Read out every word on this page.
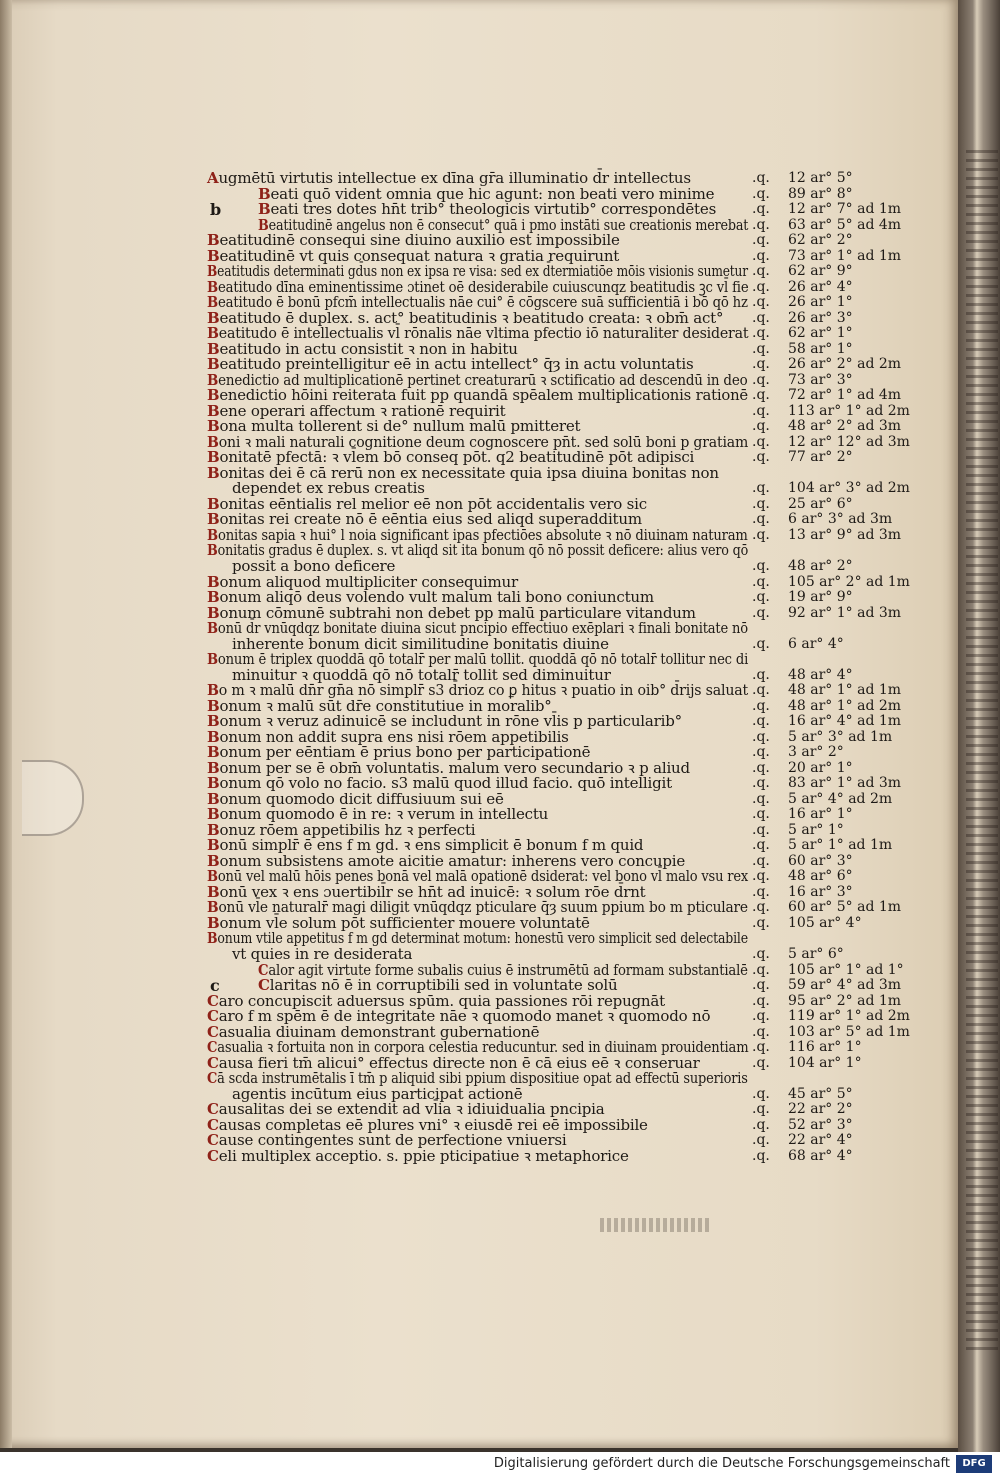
Augmētū virtutis intellectue ex dīna gr̄a illuminatio d̄r intellectus	.q. 12 ar° 5°
Beati quō vident omnia que hic agunt: non beati vero minime	.q. 89 ar° 8°
b Beati tres dotes hn̄t trib° theologicis virtutib° correspondētes	.q. 12 ar° 7° ad 1m
Beatitudinē angelus non ē consecut° quā i pmo instāti sue creationis merebat .q. 63 ar° 5° ad 4m
Beatitudinē consequi sine diuino auxilio est impossibile	.q. 62 ar° 2°
Beatitudinē vt quis consequat natura ꝛ gratia requirunt	.q. 73 ar° 1° ad 1m
Beatitudis determinati gd̄us non ex ipsa re visa: sed ex d̄termiatiōe mōis visionis sumetur .q. 62 ar° 9°
Beatitudo dīna eminentissime ɔtinet oē desiderabile cuiuscunqz beatitudis ꝫc vl̄ fie .q. 26 ar° 4°
Beatitudo ē bonū pfcm̄ intellectualis nāe cui° ē cōgscere suā sufficientiā i bō qō hz .q. 26 ar° 1°
Beatitudo ē duplex. s. act° beatitudinis ꝛ beatitudo creata: ꝛ obm̄ act° .q. 26 ar° 3°
Beatitudo ē intellectualis vl̄ rōnalis nāe vltima pfectio iō naturaliter desiderat .q. 62 ar° 1°
Beatitudo in actu consistit ꝛ non in habitu	.q. 58 ar° 1°
Beatitudo preintelligitur eē in actu intellect° q̄ȝ in actu voluntatis	.q. 26 ar° 2° ad 2m
Benedictio ad multiplicationē pertinet creaturarū ꝛ sctificatio ad descendū in deo .q. 73 ar° 3°
Benedictio hōini reiterata fuit pp quandā spēalem multiplicationis rationē .q. 72 ar° 1° ad 4m
Bene operari affectum ꝛ rationē requirit	.q. 113 ar° 1° ad 2m
Bona multa tollerent si de° nullum malū pmitteret	.q. 48 ar° 2° ad 3m
Boni ꝛ mali naturali cognitione deum cognoscere pn̄t. sed solū boni p gratiam .q. 12 ar° 12° ad 3m
Bonitatē pfectā: ꝛ vl̄em bō conseq pōt. q2 beatitudinē pōt adipisci	.q. 77 ar° 2°
Bonitas dei ē cā rerū non ex necessitate quia ipsa diuina bonitas non
dependet ex rebus creatis	.q. 104 ar° 3° ad 2m
Bonitas eēntialis rel melior eē non pōt accidentalis vero sic	.q. 25 ar° 6°
Bonitas rei create nō ē eēntia eius sed aliqd superadditum	.q. 6 ar° 3° ad 3m
Bonitas sapia ꝛ hui° l noia significant ipas pfectiōes absolute ꝛ nō diuinam naturam .q. 13 ar° 9° ad 3m
Bonitatis gradus ē duplex. s. vt aliqd sit ita bonum qō nō possit deficere: alius vero qō
possit a bono deficere	.q. 48 ar° 2°
Bonum aliquod multipliciter consequimur	.q. 105 ar° 2° ad 1m
Bonum aliqō deus volendo vult malum tali bono coniunctum	.q. 19 ar° 9°
Bonum cōmunē subtrahi non debet pp malū particulare vitandum	.q. 92 ar° 1° ad 3m
Bonū d̄r vnūqdqz bonitate diuina sicut pncipio effectiuo exēplari ꝛ finali bonitate nō
inherente bonum dicit similitudine bonitatis diuine	.q. 6 ar° 4°
Bonum ē triplex quoddā qō totalr̄ per malū tollit. quoddā qō nō totalr̄ tollitur nec di
minuitur ꝛ quoddā qō nō totalr̄ tollit sed diminuitur	.q. 48 ar° 4°
Bo m ꝛ malū dn̄r gn̄a nō simplr̄ s3 d̄rioz co ꝑ hitus ꝛ puatio in oib° d̄rijs saluat .q. 48 ar° 1° ad 1m
Bonum ꝛ malū sūt dr̄e constitutiue in moralib°	.q. 48 ar° 1° ad 2m
Bonum ꝛ veruz adinuicē se includunt in rōne vl̄is p particularib°	.q. 16 ar° 4° ad 1m
Bonum non addit supra ens nisi rōem appetibilis	.q. 5 ar° 3° ad 1m
Bonum per eēntiam ē prius bono per participationē	.q. 3 ar° 2°
Bonum per se ē obm̄ voluntatis. malum vero secundario ꝛ p aliud	.q. 20 ar° 1°
Bonum qō volo no facio. s3 malū quod illud facio. quō intelligit	.q. 83 ar° 1° ad 3m
Bonum quomodo dicit diffusiuum sui eē	.q. 5 ar° 4° ad 2m
Bonum quomodo ē in re: ꝛ verum in intellectu	.q. 16 ar° 1°
Bonuz rōem appetibilis hz ꝛ perfecti	.q. 5 ar° 1°
Bonū simplr̄ ē ens f m gd. ꝛ ens simplicit ē bonum f m quid	.q. 5 ar° 1° ad 1m
Bonum subsistens amote aicitie amatur: inherens vero concupie	.q. 60 ar° 3°
Bonū vel malū hōis penes bonā vel malā opationē dsiderat: vel bono vl̄ malo vsu rex .q. 48 ar° 6°
Bonū vex ꝛ ens ɔuertibil̄r se hn̄t ad inuicē: ꝛ solum rōe d̄rnt	.q. 16 ar° 3°
Bonū vl̄e naturalr̄ magi diligit vnūqdqz pticulare q̄ȝ suum ppium bo m pticulare .q. 60 ar° 5° ad 1m
Bonum vl̄e solum pōt sufficienter mouere voluntatē	.q. 105 ar° 4°
Bonum vtile appetitus f m gd determinat motum: honestū vero simplicit sed delectabile
vt quies in re desiderata	.q. 5 ar° 6°
Calor agit virtute forme subalis cuius ē instrumētū ad formam substantialē .q. 105 ar° 1° ad 1°
c	Claritas nō ē in corruptibili sed in voluntate solū	.q. 59 ar° 4° ad 3m
Caro concupiscit aduersus spūm. quia passiones rōi repugnāt	.q. 95 ar° 2° ad 1m
Caro f m spēm ē de integritate nāe ꝛ quomodo manet ꝛ quomodo nō	.q. 119 ar° 1° ad 2m
Casualia diuinam demonstrant gubernationē	.q. 103 ar° 5° ad 1m
Casualia ꝛ fortuita non in corpora celestia reducuntur. sed in diuinam prouidentiam .q. 116 ar° 1°
Causa fieri tm̄ alicui° effectus directe non ē cā eius eē ꝛ conseruar	.q. 104 ar° 1°
Cā scda instrumētalis ī tm̄ p aliquid sibi ppium dispositiue opat ad effectū superioris
agentis incūtum eius participat actionē	.q. 45 ar° 5°
Causalitas dei se extendit ad vl̄ia ꝛ idiuidualia pncipia	.q. 22 ar° 2°
Causas completas eē plures vni° ꝛ eiusdē rei eē impossibile	.q. 52 ar° 3°
Cause contingentes sunt de perfectione vniuersi	.q. 22 ar° 4°
Celi multiplex acceptio. s. ppie pticipatiue ꝛ metaphorice	.q. 68 ar° 4°
Digitalisierung gefördert durch die Deutsche Forschungsgemeinschaft	DFG
